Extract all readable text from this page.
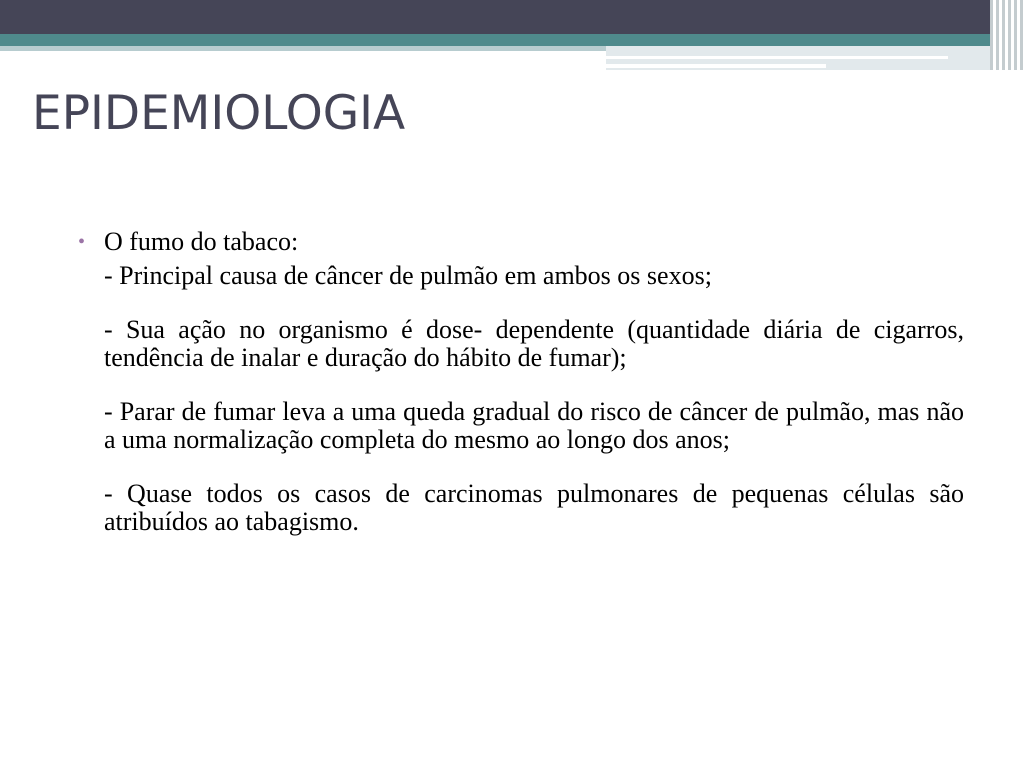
EPIDEMIOLOGIA
• O fumo do tabaco:

- Principal causa de câncer de pulmão em ambos os sexos;

- Sua ação no organismo é dose- dependente (quantidade diária de cigarros, tendência de inalar e duração do hábito de fumar);

- Parar de fumar leva a uma queda gradual do risco de câncer de pulmão, mas não a uma normalização completa do mesmo ao longo dos anos;

- Quase todos os casos de carcinomas pulmonares de pequenas células são atribuídos ao tabagismo.
